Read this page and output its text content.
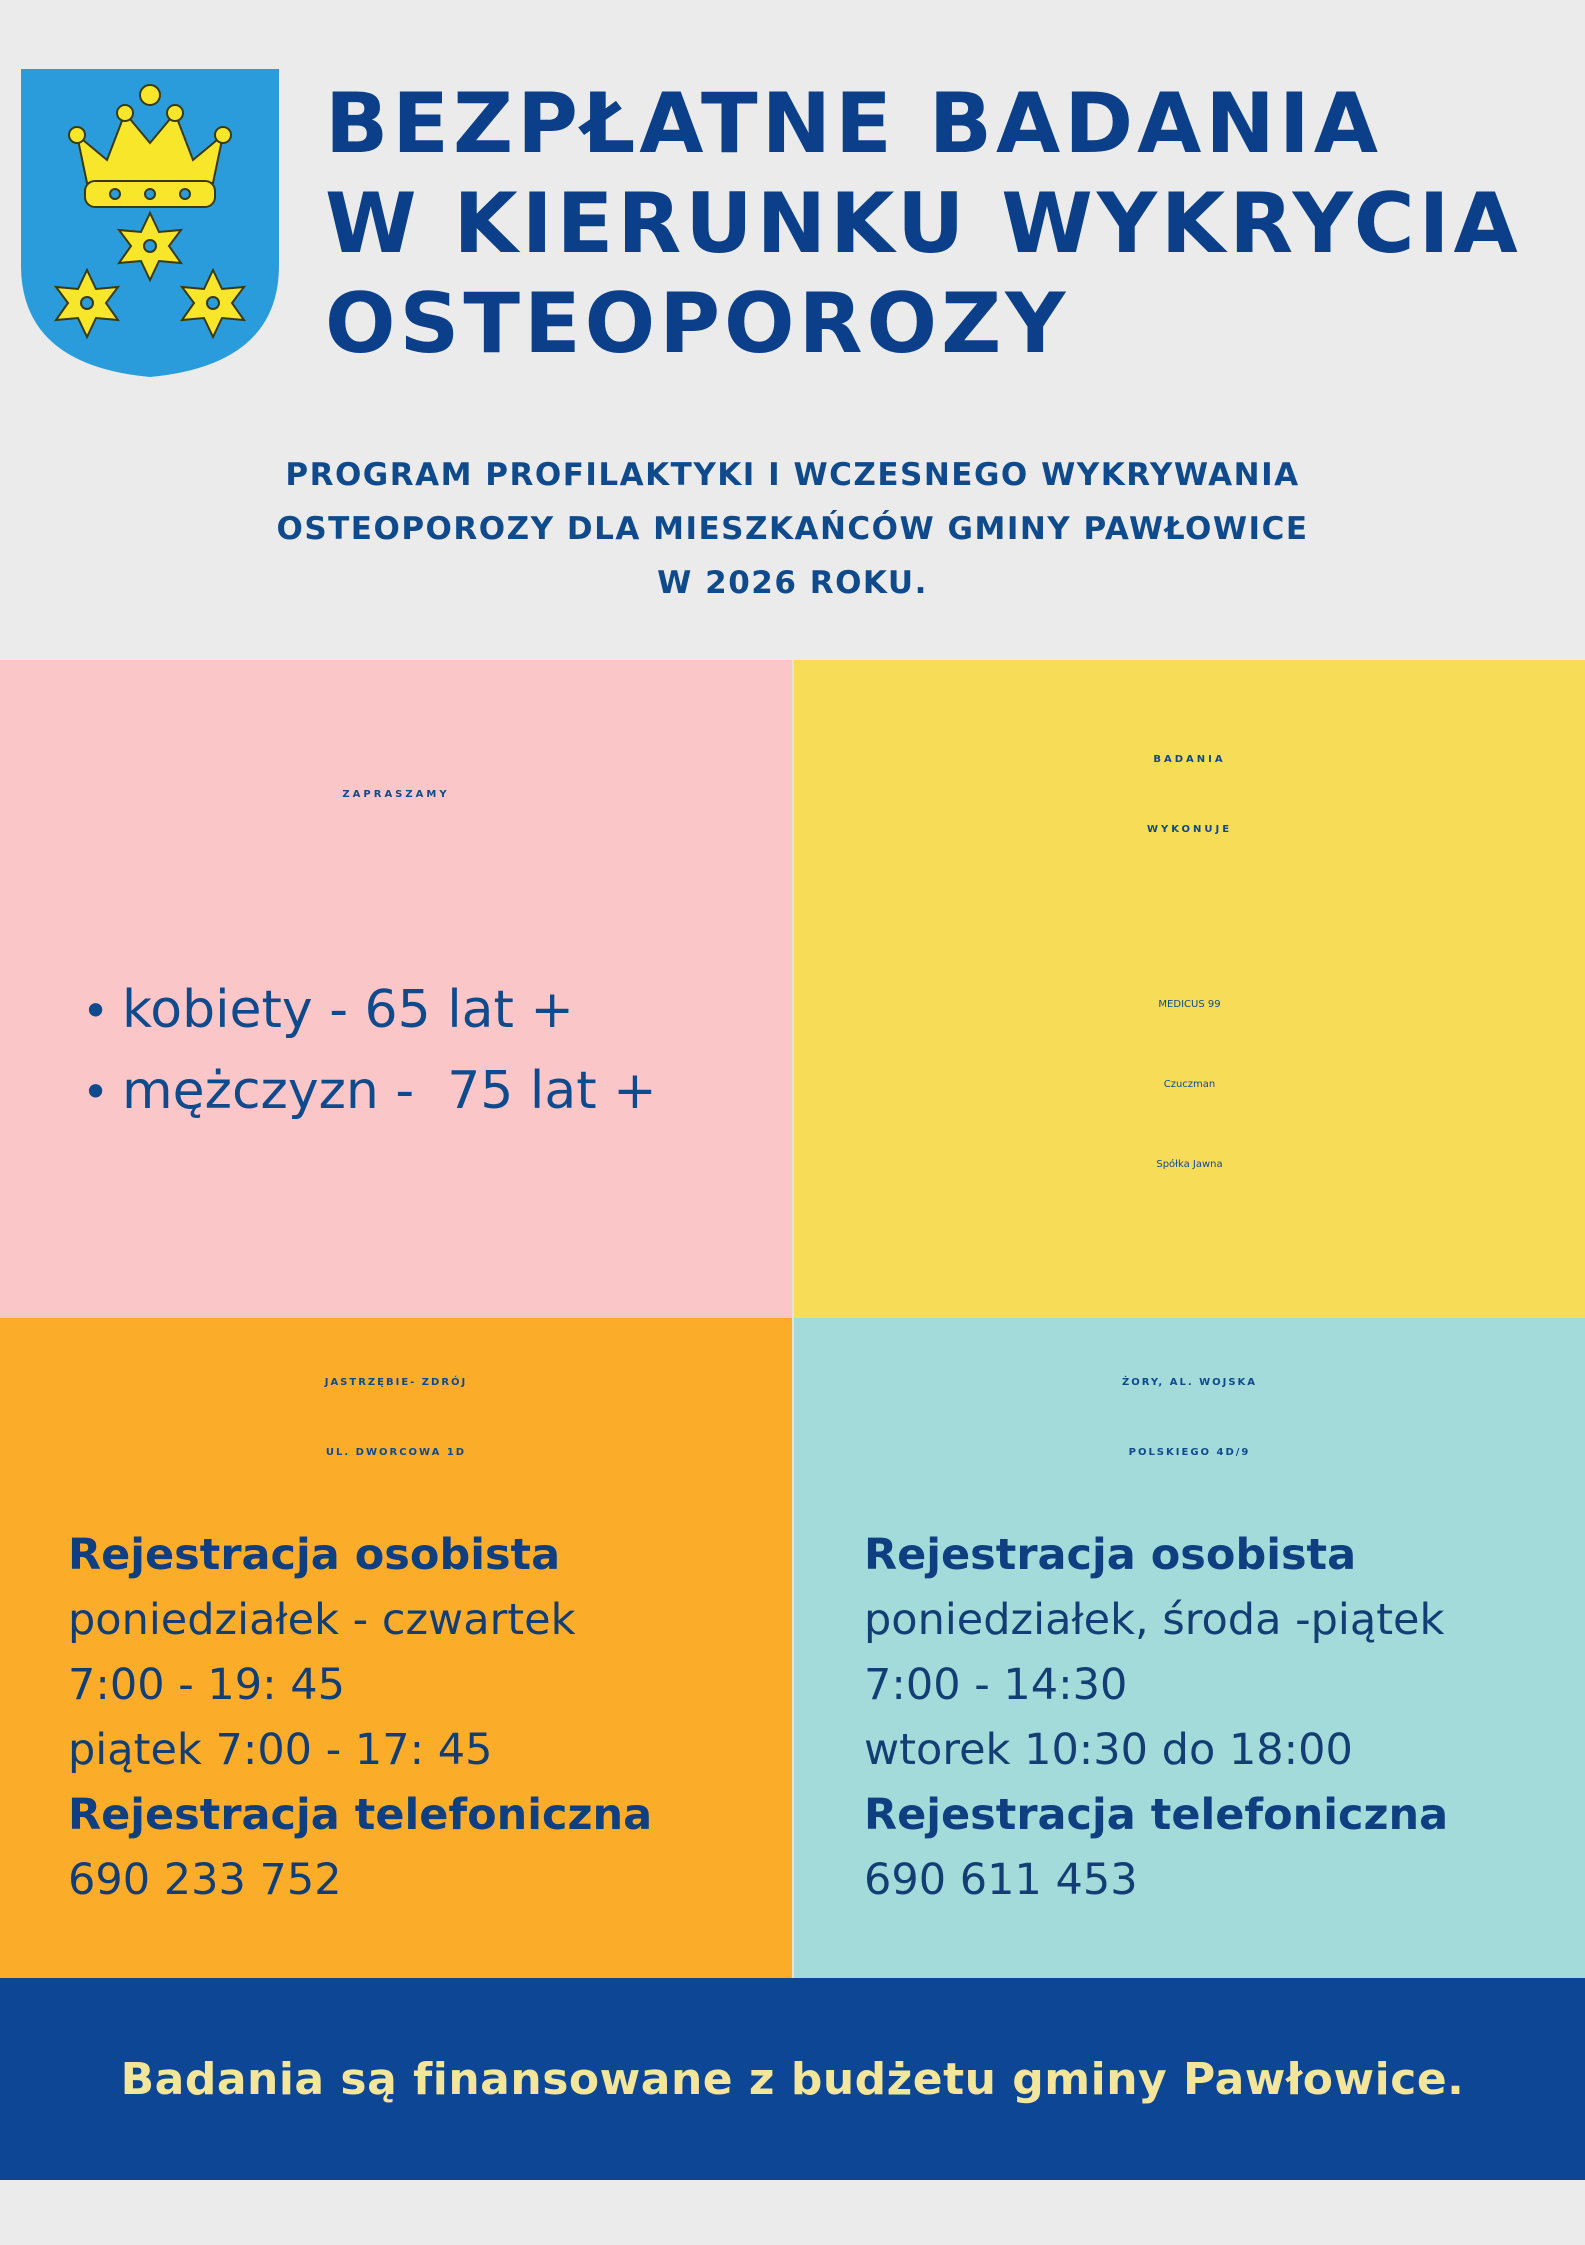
BEZPŁATNE BADANIA
W KIERUNKU WYKRYCIA
OSTEOPOROZY
PROGRAM PROFILAKTYKI I WCZESNEGO WYKRYWANIA
OSTEOPOROZY DLA MIESZKAŃCÓW GMINY PAWŁOWICE
W 2026 ROKU.
ZAPRASZAMY
• kobiety - 65 lat +
• mężczyzn -  75 lat +
BADANIA
WYKONUJE
MEDICUS 99
Czuczman
Spółka Jawna
JASTRZĘBIE- ZDRÓJ
UL. DWORCOWA 1D
Rejestracja osobista
poniedziałek - czwartek
7:00 - 19: 45
piątek 7:00 - 17: 45
Rejestracja telefoniczna
690 233 752
ŻORY, AL. WOJSKA
POLSKIEGO 4D/9
Rejestracja osobista
poniedziałek, środa -piątek
7:00 - 14:30
wtorek 10:30 do 18:00
Rejestracja telefoniczna
690 611 453
Badania są finansowane z budżetu gminy Pawłowice.
